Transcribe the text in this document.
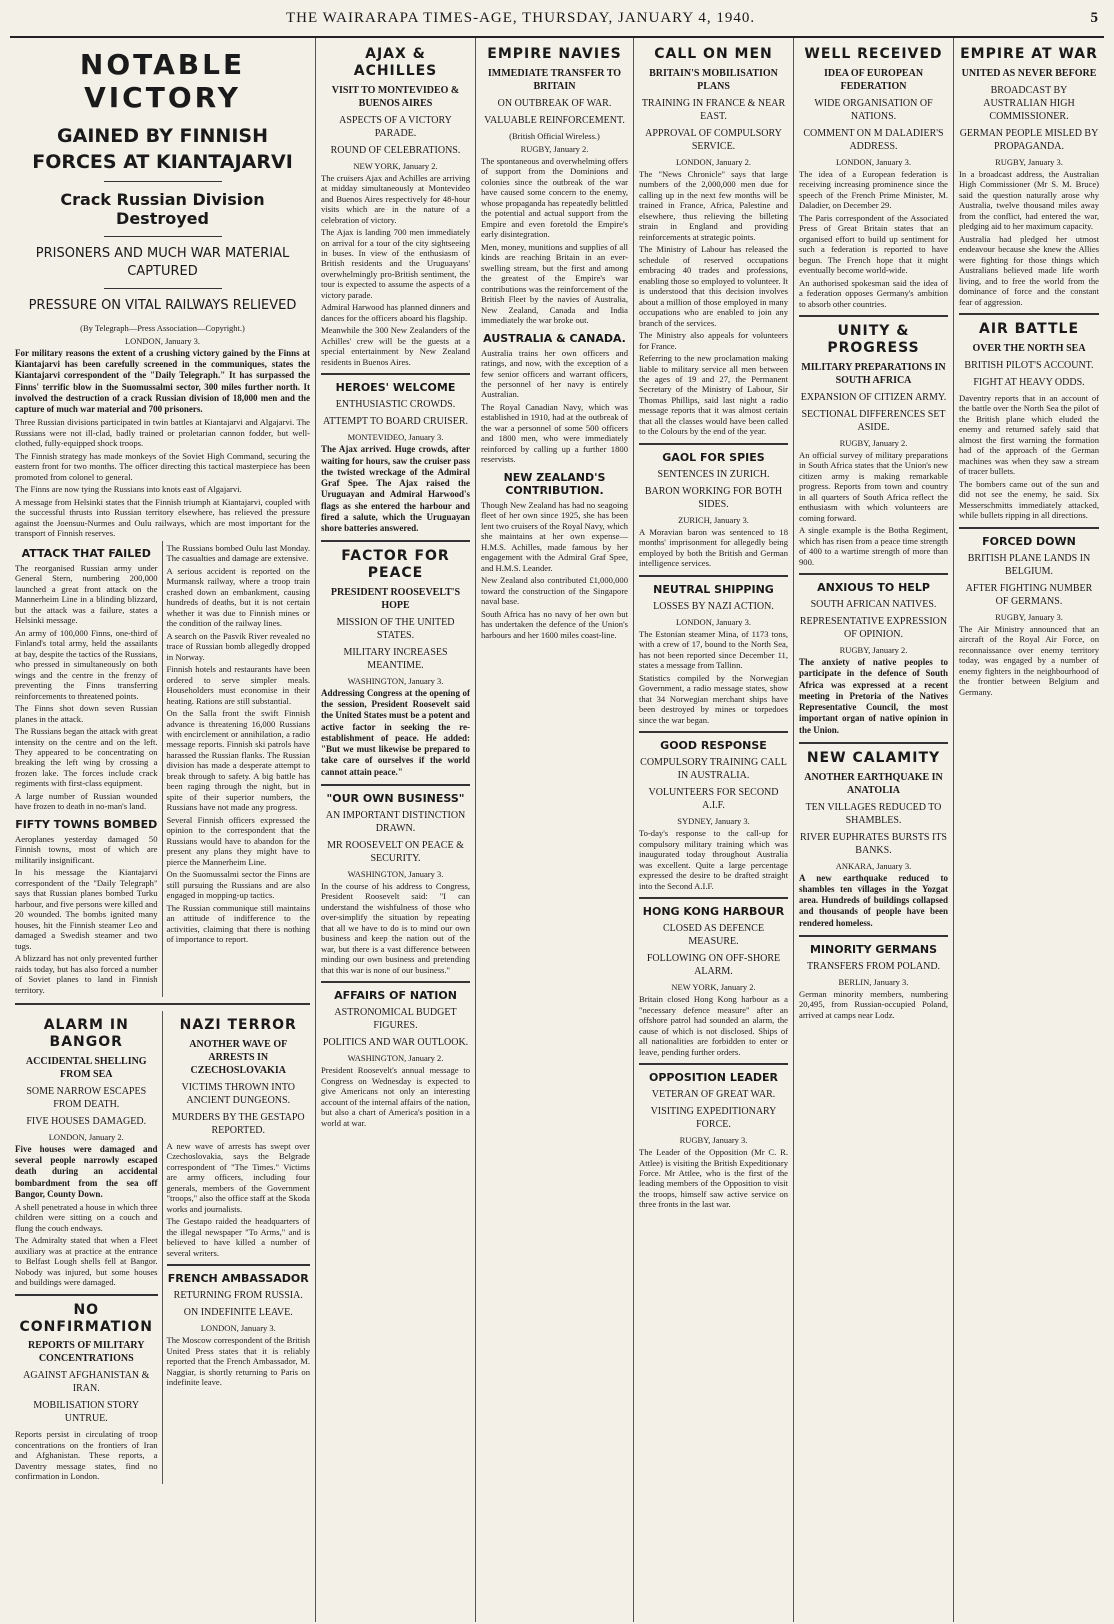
THE WAIRARAPA TIMES-AGE, THURSDAY, JANUARY 4, 1940.	5
NOTABLE VICTORY
GAINED BY FINNISH FORCES AT KIANTAJARVI
Crack Russian Division Destroyed
PRISONERS AND MUCH WAR MATERIAL CAPTURED
PRESSURE ON VITAL RAILWAYS RELIEVED
(By Telegraph—Press Association—Copyright.)
LONDON, January 3.

For military reasons the extent of a crushing victory gained by the Finns at Kiantajarvi has been carefully screened in the communiques, states the Kiantajarvi correspondent of the "Daily Telegraph." It has surpassed the Finns' terrific blow in the Suomussalmi sector, 300 miles further north. It involved the destruction of a crack Russian division of 18,000 men and the capture of much war material and 700 prisoners.

Three Russian divisions participated in twin battles at Kiantajarvi and Algajarvi. The Russians were not ill-clad, badly trained or proletarian cannon fodder, but well-clothed, fully-equipped shock troops.

The Finnish strategy has made monkeys of the Soviet High Command, securing the eastern front for two months. The officer directing this tactical masterpiece has been promoted from colonel to general.

The Finns are now tying the Russians into knots east of Algajarvi.

A message from Helsinki states that the Finnish triumph at Kiantajarvi, coupled with the successful thrusts into Russian territory elsewhere, has relieved the pressure against the Joensuu-Nurmes and Oulu railways, which are most important for the transport of Finnish reserves.

ATTACK THAT FAILED

The reorganised Russian army under General Stern, numbering 200,000 launched a great front attack on the Mannerheim Line in a blinding blizzard, but the attack was a failure, states a Helsinki message.

An army of 100,000 Finns, one-third of Finland's total army, held the assailants at bay, despite the tactics of the Russians, who pressed in simultaneously on both wings and the centre in the frenzy of preventing the Finns transferring reinforcements to threatened points.

The Finns shot down seven Russian planes in the attack.

The Russians began the attack with great intensity on the centre and on the left. They appeared to be concentrating on breaking the left wing by crossing a frozen lake. The forces include crack regiments with first-class equipment.

A large number of Russian wounded have frozen to death in no-man's land.

FIFTY TOWNS BOMBED

Aeroplanes yesterday damaged 50 Finnish towns, most of which are militarily insignificant.

In his message the Kiantajarvi correspondent of the "Daily Telegraph" says that Russian planes bombed Turku harbour, and five persons were killed and 20 wounded. The bombs ignited many houses, hit the Finnish steamer Leo and damaged a Swedish steamer and two tugs.

A blizzard has not only prevented further raids today, but has also forced a number of Soviet planes to land in Finnish territory.

The Russians bombed Oulu last Monday. The casualties and damage are extensive.

A serious accident is reported on the Murmansk railway, where a troop train crashed down an embankment, causing hundreds of deaths, but it is not certain whether it was due to Finnish mines or the condition of the railway lines.

A search on the Pasvik River revealed no trace of Russian bomb allegedly dropped in Norway.

Finnish hotels and restaurants have been ordered to serve simpler meals. Householders must economise in their heating. Rations are still substantial.

On the Salla front the swift Finnish advance is threatening 16,000 Russians with encirclement or annihilation, a radio message reports. Finnish ski patrols have harassed the Russian flanks. The Russian division has made a desperate attempt to break through to safety. A big battle has been raging through the night, but in spite of their superior numbers, the Russians have not made any progress.

Several Finnish officers expressed the opinion to the correspondent that the Russians would have to abandon for the present any plans they might have to pierce the Mannerheim Line.

On the Suomussalmi sector the Finns are still pursuing the Russians and are also engaged in mopping-up tactics.

The Russian communique still maintains an attitude of indifference to the activities, claiming that there is nothing of importance to report.

ALARM IN BANGOR
ACCIDENTAL SHELLING FROM SEA
SOME NARROW ESCAPES FROM DEATH.
FIVE HOUSES DAMAGED.
LONDON, January 2.

Five houses were damaged and several people narrowly escaped death during an accidental bombardment from the sea off Bangor, County Down.

A shell penetrated a house in which three children were sitting on a couch and flung the couch endways.

The Admiralty stated that when a Fleet auxiliary was at practice at the entrance to Belfast Lough shells fell at Bangor. Nobody was injured, but some houses and buildings were damaged.

NO CONFIRMATION
REPORTS OF MILITARY CONCENTRATIONS
AGAINST AFGHANISTAN & IRAN.
MOBILISATION STORY UNTRUE.

Reports persist in circulating of troop concentrations on the frontiers of Iran and Afghanistan. These reports, a Daventry message states, find no confirmation in London.

NAZI TERROR
ANOTHER WAVE OF ARRESTS IN CZECHOSLOVAKIA
VICTIMS THROWN INTO ANCIENT DUNGEONS.
MURDERS BY THE GESTAPO REPORTED.

A new wave of arrests has swept over Czechoslovakia, says the Belgrade correspondent of "The Times." Victims are army officers, including four generals, members of the Government "troops," also the office staff at the Skoda works and journalists.

The Gestapo raided the headquarters of the illegal newspaper "To Arms," and is believed to have killed a number of several writers.

FRENCH AMBASSADOR
RETURNING FROM RUSSIA.
ON INDEFINITE LEAVE.
LONDON, January 3.

The Moscow correspondent of the British United Press states that it is reliably reported that the French Ambassador, M. Naggiar, is shortly returning to Paris on indefinite leave.

AJAX & ACHILLES
VISIT TO MONTEVIDEO & BUENOS AIRES
ASPECTS OF A VICTORY PARADE.
ROUND OF CELEBRATIONS.
NEW YORK, January 2.

The cruisers Ajax and Achilles are arriving at midday simultaneously at Montevideo and Buenos Aires respectively for 48-hour visits which are in the nature of a celebration of victory.

The Ajax is landing 700 men immediately on arrival for a tour of the city sightseeing in buses. In view of the enthusiasm of British residents and the Uruguayans' overwhelmingly pro-British sentiment, the tour is expected to assume the aspects of a victory parade.

Admiral Harwood has planned dinners and dances for the officers aboard his flagship.

Meanwhile the 300 New Zealanders of the Achilles' crew will be the guests at a special entertainment by New Zealand residents in Buenos Aires.

HEROES' WELCOME
ENTHUSIASTIC CROWDS.
ATTEMPT TO BOARD CRUISER.
MONTEVIDEO, January 3.

The Ajax arrived. Huge crowds, after waiting for hours, saw the cruiser pass the twisted wreckage of the Admiral Graf Spee. The Ajax raised the Uruguayan and Admiral Harwood's flags as she entered the harbour and fired a salute, which the Uruguayan shore batteries answered.

FACTOR FOR PEACE
PRESIDENT ROOSEVELT'S HOPE
MISSION OF THE UNITED STATES.
MILITARY INCREASES MEANTIME.
WASHINGTON, January 3.

Addressing Congress at the opening of the session, President Roosevelt said the United States must be a potent and active factor in seeking the re-establishment of peace. He added: "But we must likewise be prepared to take care of ourselves if the world cannot attain peace."

"OUR OWN BUSINESS"
AN IMPORTANT DISTINCTION DRAWN.
MR ROOSEVELT ON PEACE & SECURITY.
WASHINGTON, January 3.

In the course of his address to Congress, President Roosevelt said: "I can understand the wishfulness of those who over-simplify the situation by repeating that all we have to do is to mind our own business and keep the nation out of the war, but there is a vast difference between minding our own business and pretending that this war is none of our business."

AFFAIRS OF NATION
ASTRONOMICAL BUDGET FIGURES.
POLITICS AND WAR OUTLOOK.
WASHINGTON, January 2.

President Roosevelt's annual message to Congress on Wednesday is expected to give Americans not only an interesting account of the internal affairs of the nation, but also a chart of America's position in a world at war.

EMPIRE NAVIES
IMMEDIATE TRANSFER TO BRITAIN
ON OUTBREAK OF WAR.
VALUABLE REINFORCEMENT.
(British Official Wireless.)
RUGBY, January 2.

The spontaneous and overwhelming offers of support from the Dominions and colonies since the outbreak of the war have caused some concern to the enemy, whose propaganda has repeatedly belittled the potential and actual support from the Empire and even foretold the Empire's early disintegration.

Men, money, munitions and supplies of all kinds are reaching Britain in an ever-swelling stream, but the first and among the greatest of the Empire's war contributions was the reinforcement of the British Fleet by the navies of Australia, New Zealand, Canada and India immediately the war broke out.

AUSTRALIA & CANADA.

Australia trains her own officers and ratings, and now, with the exception of a few senior officers and warrant officers, the personnel of her navy is entirely Australian.

The Royal Canadian Navy, which was established in 1910, had at the outbreak of the war a personnel of some 500 officers and 1800 men, who were immediately reinforced by calling up a further 1800 reservists.

NEW ZEALAND'S CONTRIBUTION.

Though New Zealand has had no seagoing fleet of her own since 1925, she has been lent two cruisers of the Royal Navy, which she maintains at her own expense—H.M.S. Achilles, made famous by her engagement with the Admiral Graf Spee, and H.M.S. Leander.

New Zealand also contributed £1,000,000 toward the construction of the Singapore naval base.

South Africa has no navy of her own but has undertaken the defence of the Union's harbours and her 1600 miles coast-line.

CALL ON MEN
BRITAIN'S MOBILISATION PLANS
TRAINING IN FRANCE & NEAR EAST.
APPROVAL OF COMPULSORY SERVICE.
LONDON, January 2.

The "News Chronicle" says that large numbers of the 2,000,000 men due for calling up in the next few months will be trained in France, Africa, Palestine and elsewhere, thus relieving the billeting strain in England and providing reinforcements at strategic points.

The Ministry of Labour has released the schedule of reserved occupations embracing 40 trades and professions, enabling those so employed to volunteer. It is understood that this decision involves about a million of those employed in many occupations who are enabled to join any branch of the services.

The Ministry also appeals for volunteers for France.

Referring to the new proclamation making liable to military service all men between the ages of 19 and 27, the Permanent Secretary of the Ministry of Labour, Sir Thomas Phillips, said last night a radio message reports that it was almost certain that all the classes would have been called to the Colours by the end of the year.

GAOL FOR SPIES
SENTENCES IN ZURICH.
BARON WORKING FOR BOTH SIDES.
ZURICH, January 3.

A Moravian baron was sentenced to 18 months' imprisonment for allegedly being employed by both the British and German intelligence services.

NEUTRAL SHIPPING
LOSSES BY NAZI ACTION.
LONDON, January 3.

The Estonian steamer Mina, of 1173 tons, with a crew of 17, bound to the North Sea, has not been reported since December 11, states a message from Tallinn.

Statistics compiled by the Norwegian Government, a radio message states, show that 34 Norwegian merchant ships have been destroyed by mines or torpedoes since the war began.

GOOD RESPONSE
COMPULSORY TRAINING CALL IN AUSTRALIA.
VOLUNTEERS FOR SECOND A.I.F.
SYDNEY, January 3.

To-day's response to the call-up for compulsory military training which was inaugurated today throughout Australia was excellent. Quite a large percentage expressed the desire to be drafted straight into the Second A.I.F.

HONG KONG HARBOUR
CLOSED AS DEFENCE MEASURE.
FOLLOWING ON OFF-SHORE ALARM.
NEW YORK, January 2.

Britain closed Hong Kong harbour as a "necessary defence measure" after an offshore patrol had sounded an alarm, the cause of which is not disclosed. Ships of all nationalities are forbidden to enter or leave, pending further orders.

OPPOSITION LEADER
VETERAN OF GREAT WAR.
VISITING EXPEDITIONARY FORCE.
RUGBY, January 3.

The Leader of the Opposition (Mr C. R. Attlee) is visiting the British Expeditionary Force. Mr Attlee, who is the first of the leading members of the Opposition to visit the troops, himself saw active service on three fronts in the last war.

WELL RECEIVED
IDEA OF EUROPEAN FEDERATION
WIDE ORGANISATION OF NATIONS.
COMMENT ON M DALADIER'S ADDRESS.
LONDON, January 3.

The idea of a European federation is receiving increasing prominence since the speech of the French Prime Minister, M. Daladier, on December 29.

The Paris correspondent of the Associated Press of Great Britain states that an organised effort to build up sentiment for such a federation is reported to have begun. The French hope that it might eventually become world-wide.

An authorised spokesman said the idea of a federation opposes Germany's ambition to absorb other countries.

UNITY & PROGRESS
MILITARY PREPARATIONS IN SOUTH AFRICA
EXPANSION OF CITIZEN ARMY.
SECTIONAL DIFFERENCES SET ASIDE.
RUGBY, January 2.

An official survey of military preparations in South Africa states that the Union's new citizen army is making remarkable progress. Reports from town and country in all quarters of South Africa reflect the enthusiasm with which volunteers are coming forward.

A single example is the Botha Regiment, which has risen from a peace time strength of 400 to a wartime strength of more than 900.

ANXIOUS TO HELP
SOUTH AFRICAN NATIVES.
REPRESENTATIVE EXPRESSION OF OPINION.
RUGBY, January 2.

The anxiety of native peoples to participate in the defence of South Africa was expressed at a recent meeting in Pretoria of the Natives Representative Council, the most important organ of native opinion in the Union.

NEW CALAMITY
ANOTHER EARTHQUAKE IN ANATOLIA
TEN VILLAGES REDUCED TO SHAMBLES.
RIVER EUPHRATES BURSTS ITS BANKS.
ANKARA, January 3.

A new earthquake reduced to shambles ten villages in the Yozgat area. Hundreds of buildings collapsed and thousands of people have been rendered homeless.

MINORITY GERMANS
TRANSFERS FROM POLAND.
BERLIN, January 3.

German minority members, numbering 20,495, from Russian-occupied Poland, arrived at camps near Lodz.

EMPIRE AT WAR
UNITED AS NEVER BEFORE
BROADCAST BY AUSTRALIAN HIGH COMMISSIONER.
GERMAN PEOPLE MISLED BY PROPAGANDA.
RUGBY, January 3.

In a broadcast address, the Australian High Commissioner (Mr S. M. Bruce) said the question naturally arose why Australia, twelve thousand miles away from the conflict, had entered the war, pledging aid to her maximum capacity.

Australia had pledged her utmost endeavour because she knew the Allies were fighting for those things which Australians believed made life worth living, and to free the world from the dominance of force and the constant fear of aggression.

AIR BATTLE
OVER THE NORTH SEA
BRITISH PILOT'S ACCOUNT.
FIGHT AT HEAVY ODDS.

Daventry reports that in an account of the battle over the North Sea the pilot of the British plane which eluded the enemy and returned safely said that almost the first warning the formation had of the approach of the German machines was when they saw a stream of tracer bullets.

The bombers came out of the sun and did not see the enemy, he said. Six Messerschmitts immediately attacked, while bullets ripping in all directions.

FORCED DOWN
BRITISH PLANE LANDS IN BELGIUM.
AFTER FIGHTING NUMBER OF GERMANS.
RUGBY, January 3.

The Air Ministry announced that an aircraft of the Royal Air Force, on reconnaissance over enemy territory today, was engaged by a number of enemy fighters in the neighbourhood of the frontier between Belgium and Germany.
